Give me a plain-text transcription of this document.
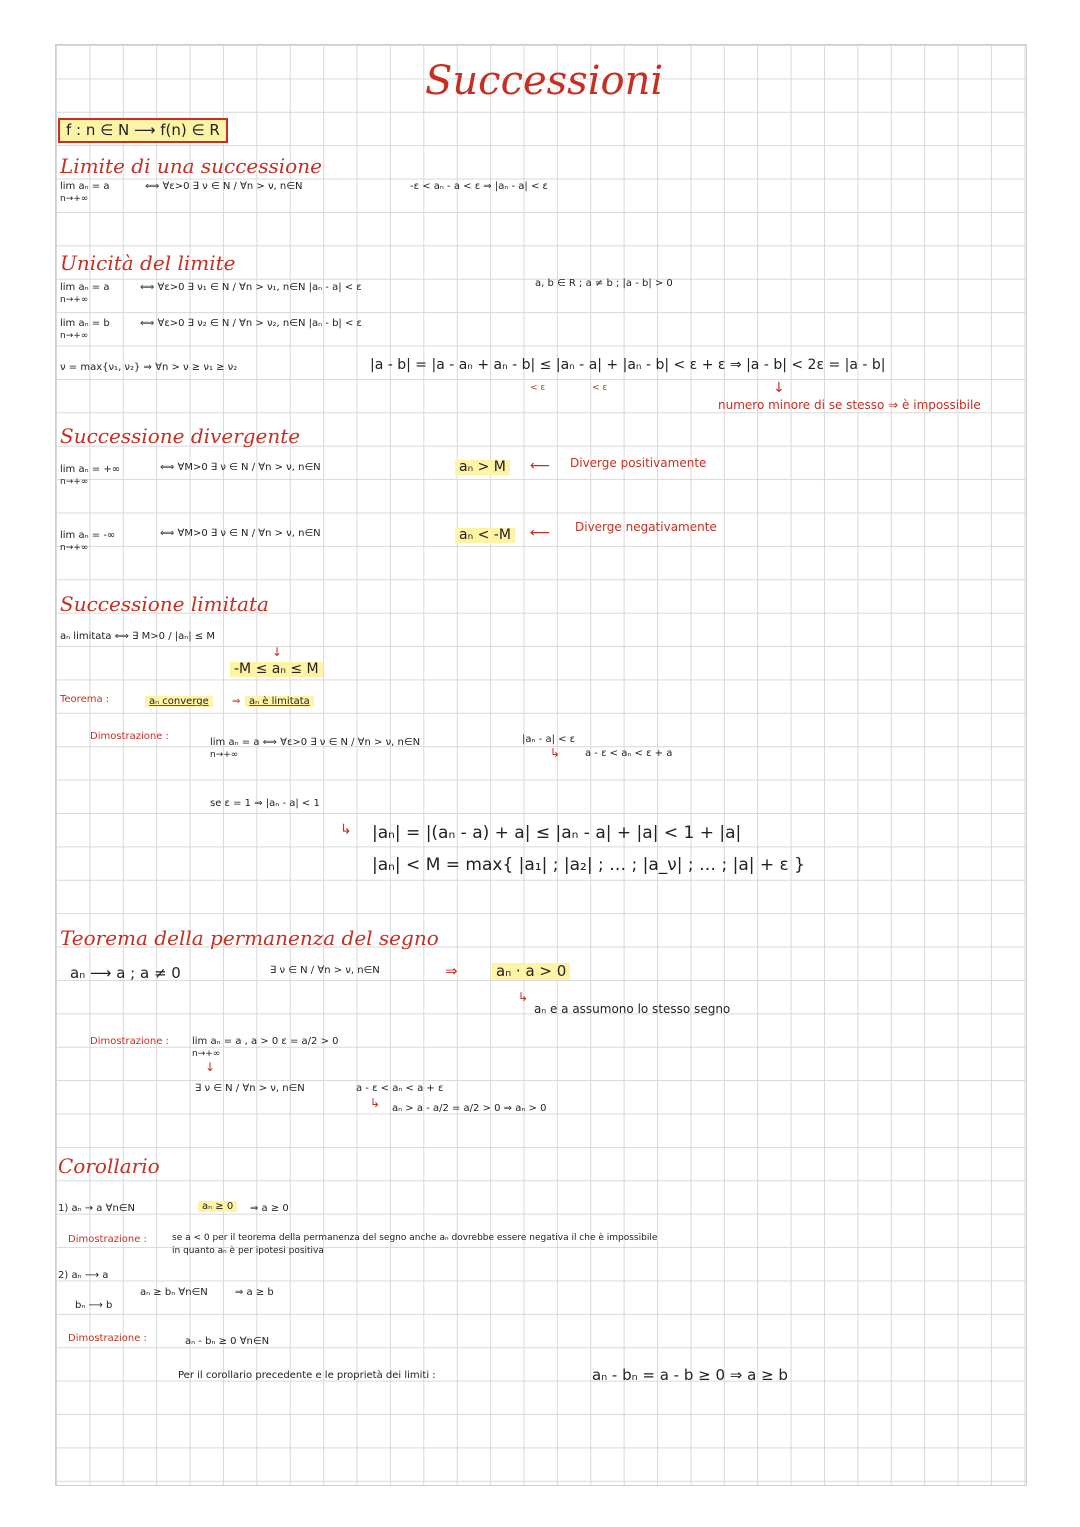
Successioni
f : n ∈ N ⟶ f(n) ∈ R
Limite di una successione
lim aₙ = a
n→+∞
⟺ ∀ε>0 ∃ ν ∈ N / ∀n > ν, n∈N	-ε < aₙ - a < ε ⇒ |aₙ - a| < ε
Unicità del limite
lim aₙ = a
n→+∞
⟺ ∀ε>0 ∃ ν₁ ∈ N / ∀n > ν₁, n∈N |aₙ - a| < ε	a, b ∈ R ; a ≠ b ; |a - b| > 0
lim aₙ = b
n→+∞
⟺ ∀ε>0 ∃ ν₂ ∈ N / ∀n > ν₂, n∈N |aₙ - b| < ε
ν = max{ν₁, ν₂} ⇒ ∀n > ν ≥ ν₁ ≥ ν₂	|a - b| = |a - aₙ + aₙ - b| ≤ |aₙ - a| + |aₙ - b| < ε + ε ⇒ |a - b| < 2ε = |a - b|
< ε	< ε	↓
numero minore di se stesso ⇒ è impossibile
Successione divergente
lim aₙ = +∞
n→+∞
⟺ ∀M>0 ∃ ν ∈ N / ∀n > ν, n∈N	aₙ > M ⟵ Diverge positivamente
lim aₙ = -∞
n→+∞
⟺ ∀M>0 ∃ ν ∈ N / ∀n > ν, n∈N	aₙ < -M ⟵ Diverge negativamente
Successione limitata
aₙ limitata ⟺ ∃ M>0 / |aₙ| ≤ M
↓
-M ≤ aₙ ≤ M
Teorema :	aₙ converge	⇒ aₙ è limitata
Dimostrazione :
lim aₙ = a ⟺ ∀ε>0 ∃ ν ∈ N / ∀n > ν, n∈N
n→+∞
|aₙ - a| < ε
↳ a - ε < aₙ < ε + a
se ε = 1 ⇒ |aₙ - a| < 1
↳ |aₙ| = |(aₙ - a) + a| ≤ |aₙ - a| + |a| < 1 + |a|
|aₙ| < M = max{ |a₁| ; |a₂| ; … ; |a_ν| ; … ; |a| + ε }
Teorema della permanenza del segno
aₙ ⟶ a ; a ≠ 0	∃ ν ∈ N / ∀n > ν, n∈N	⇒	aₙ · a > 0
↳
aₙ e a assumono lo stesso segno
Dimostrazione : lim aₙ = a , a > 0 ε = a/2 > 0
n→+∞
↓
∃ ν ∈ N / ∀n > ν, n∈N	a - ε < aₙ < a + ε
↳ aₙ > a - a/2 = a/2 > 0 ⇒ aₙ > 0
Corollario
1) aₙ → a ∀n∈N	aₙ ≥ 0	⇒ a ≥ 0
Dimostrazione :	se a < 0 per il teorema della permanenza del segno anche aₙ dovrebbe essere negativa il che è impossibile
in quanto aₙ è per ipotesi positiva
2) aₙ ⟶ a
bₙ ⟶ b
aₙ ≥ bₙ ∀n∈N	⇒ a ≥ b
Dimostrazione :	aₙ - bₙ ≥ 0 ∀n∈N
Per il corollario precedente e le proprietà dei limiti :	aₙ - bₙ = a - b ≥ 0 ⇒ a ≥ b
